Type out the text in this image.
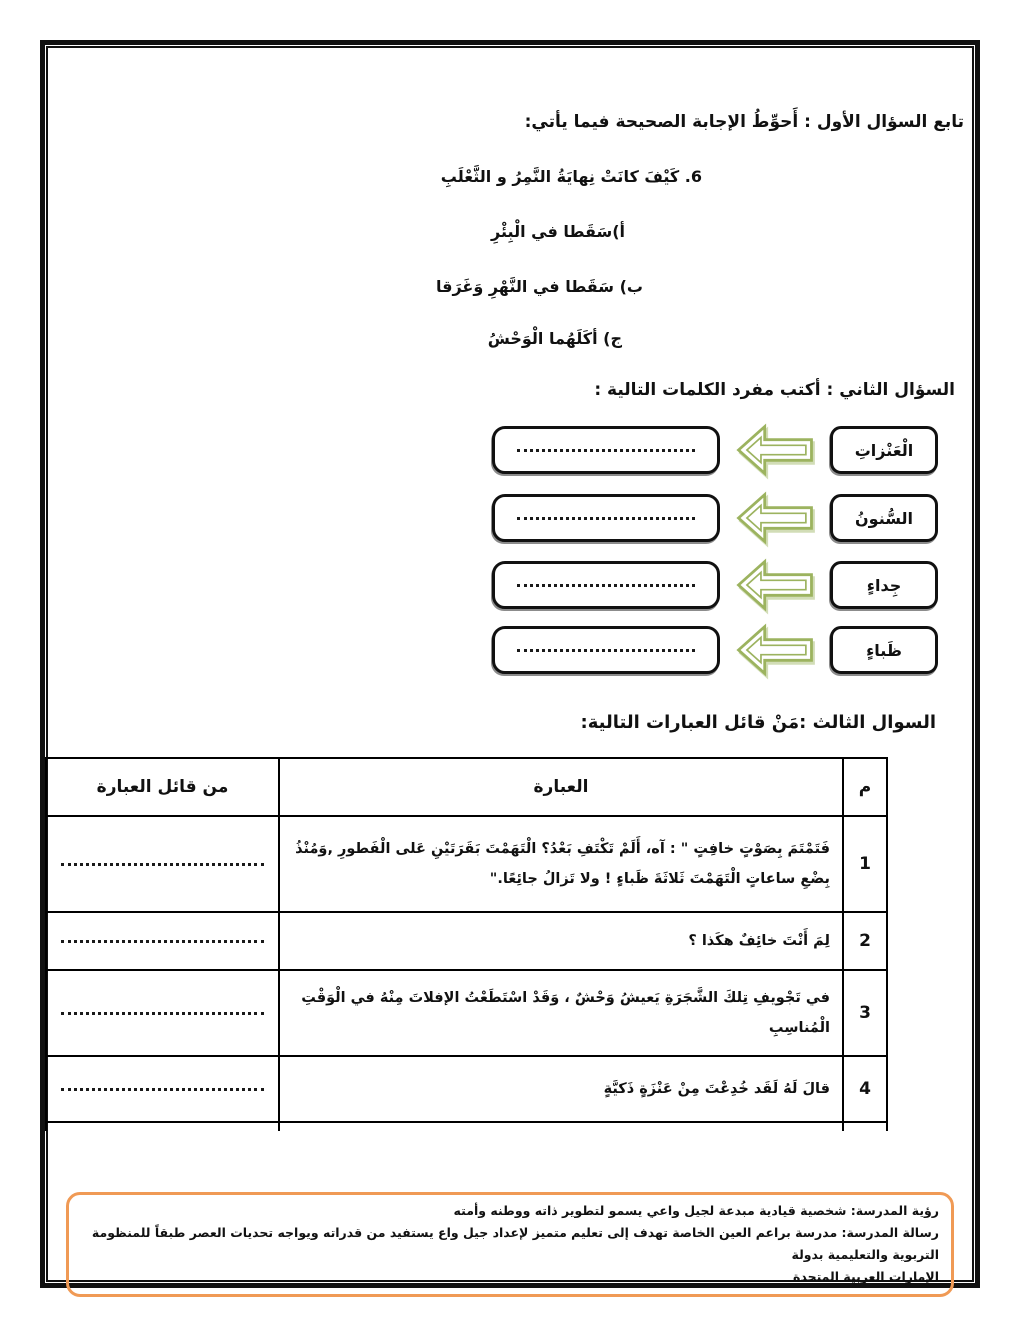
تابع السؤال الأول : أَحوِّطُ الإجابة الصحيحة فيما يأتي:
6. كَيْفَ كانَتْ نِهايَةُ النَّمِرُ و الثَّعْلَبِ
أ)سَقَطا في الْبِئْرِ
ب) سَقَطا في النَّهْرِ وَغَرَقا
ج) أكَلَهُما الْوَحْشُ
السؤال الثاني : أكتب مفرد الكلمات التالية :
الْعَنْزاتِ
السُّنونُ
جِداءٍ
ظَباءٍ
السوال الثالث :مَنْ قائل العبارات التالية:
م	العبارة	من قائل العبارة
1	فَتَمْتَمَ بِصَوْتٍ خافِتٍ " : آه، أَلَمْ تَكْتَفِ بَعْدُ؟ الْتَهَمْتَ بَقَرَتَيْنِ عَلى الْفَطورِ ,وَمُنْذُ بِضْعِ ساعاتٍ الْتَهَمْتَ ثَلاثَةَ ظَباءٍ ! ولا تَزالُ جائِعًا."	

2	لِمَ أَنْتَ خائِفٌ هكَذا ؟	

3	في تَجْويفِ تِلكَ الشَّجَرَةِ يَعيشُ وَحْشٌ ، وَقَدْ اسْتَطَعْتُ الإفلاتَ مِنْهُ في الْوَقْتِ الْمُناسِبِ	

4	قالَ لَهُ لَقَد خُدِعْتَ مِنْ عَنْزَةٍ ذَكيَّةٍ	

رؤية المدرسة: شخصية قيادية مبدعة لجيل واعي يسمو لتطوير ذاته ووطنه وأمته
رسالة المدرسة: مدرسة براعم العين الخاصة تهدف إلى تعليم متميز لإعداد جيل واع يستفيد من قدراته ويواجه تحديات العصر طبقاً للمنظومة التربوية والتعليمية بدولة
الإمارات العربية المتحدة
